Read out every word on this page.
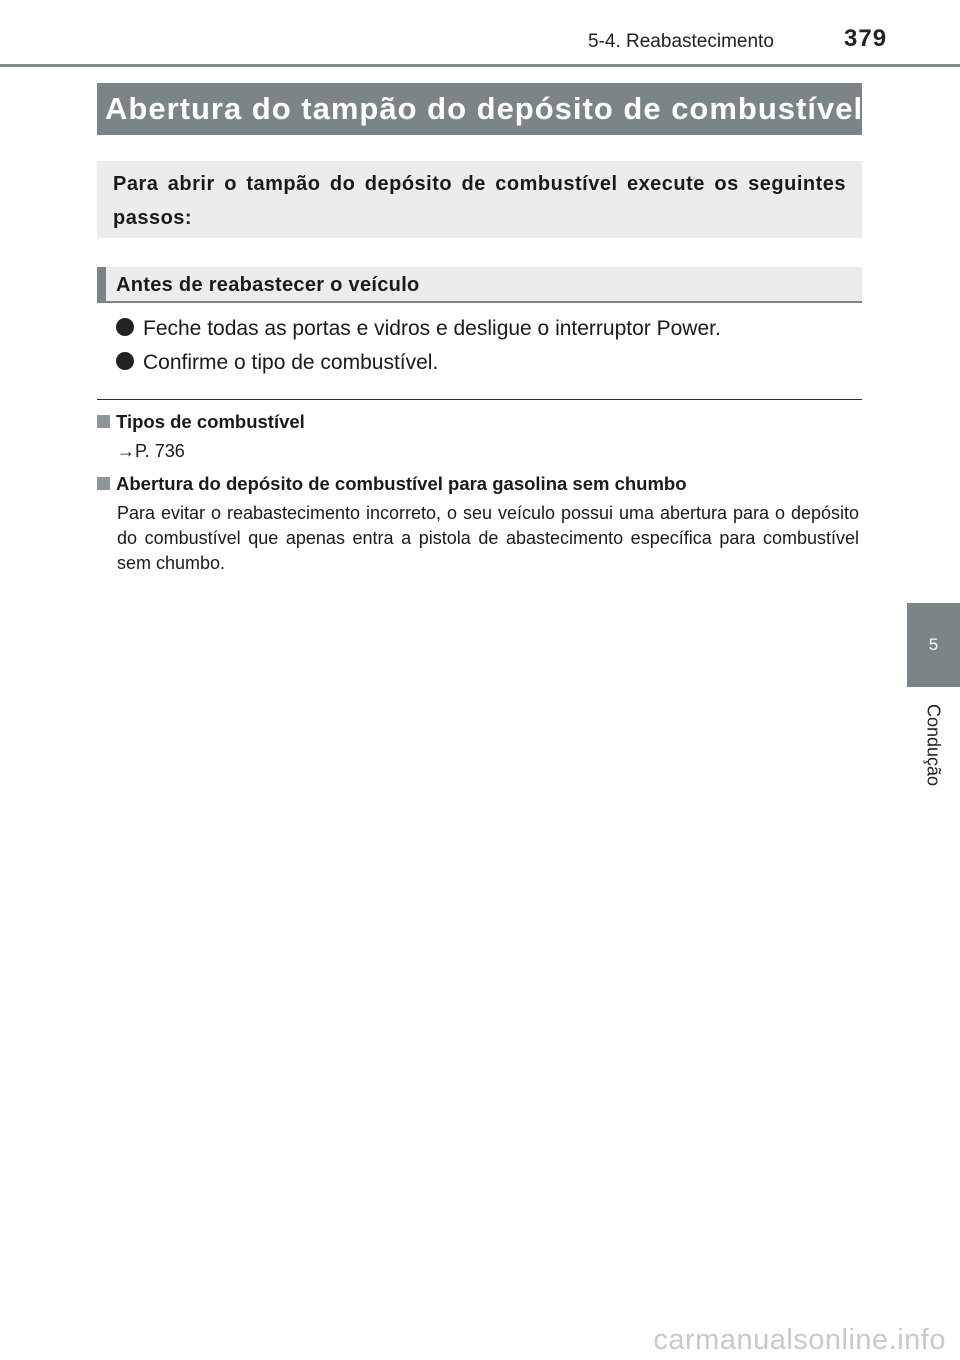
5-4. Reabastecimento	379
Abertura do tampão do depósito de combustível
Para abrir o tampão do depósito de combustível execute os seguintes passos:
Antes de reabastecer o veículo
Feche todas as portas e vidros e desligue o interruptor Power.
Confirme o tipo de combustível.
Tipos de combustível
→P. 736
Abertura do depósito de combustível para gasolina sem chumbo
Para evitar o reabastecimento incorreto, o seu veículo possui uma abertura para o depósito do combustível que apenas entra a pistola de abastecimento específica para combustível sem chumbo.
5
Condução
carmanualsonline.info
